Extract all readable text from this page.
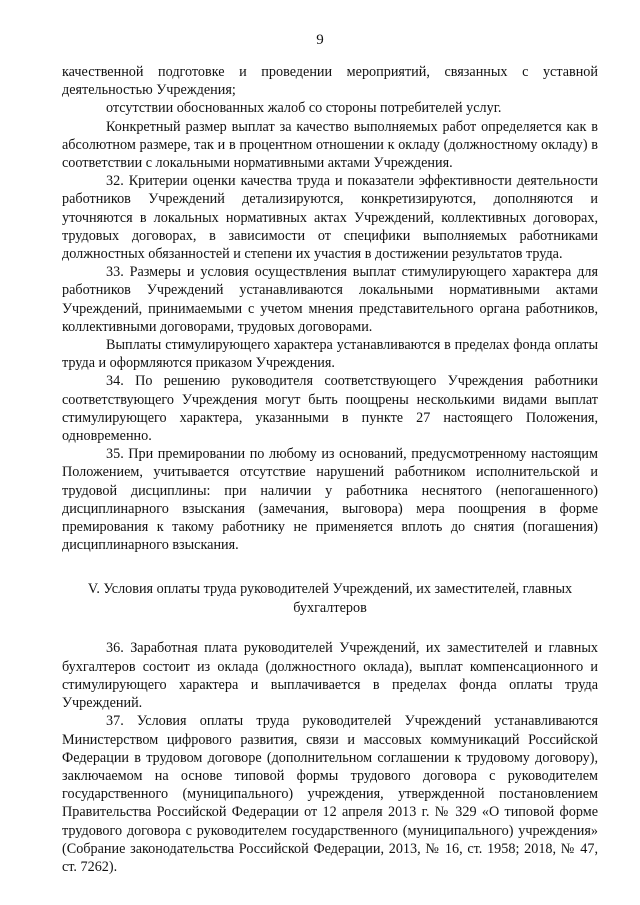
9

качественной подготовке и проведении мероприятий, связанных с уставной деятельностью Учреждения;

отсутствии обоснованных жалоб со стороны потребителей услуг.

Конкретный размер выплат за качество выполняемых работ определяется как в абсолютном размере, так и в процентном отношении к окладу (должностному окладу) в соответствии с локальными нормативными актами Учреждения.

32. Критерии оценки качества труда и показатели эффективности деятельности работников Учреждений детализируются, конкретизируются, дополняются и уточняются в локальных нормативных актах Учреждений, коллективных договорах, трудовых договорах, в зависимости от специфики выполняемых работниками должностных обязанностей и степени их участия в достижении результатов труда.

33. Размеры и условия осуществления выплат стимулирующего характера для работников Учреждений устанавливаются локальными нормативными актами Учреждений, принимаемыми с учетом мнения представительного органа работников, коллективными договорами, трудовых договорами.

Выплаты стимулирующего характера устанавливаются в пределах фонда оплаты труда и оформляются приказом Учреждения.

34. По решению руководителя соответствующего Учреждения работники соответствующего Учреждения могут быть поощрены несколькими видами выплат стимулирующего характера, указанными в пункте 27 настоящего Положения, одновременно.

35. При премировании по любому из оснований, предусмотренному настоящим Положением, учитывается отсутствие нарушений работником исполнительской и трудовой дисциплины: при наличии у работника неснятого (непогашенного) дисциплинарного взыскания (замечания, выговора) мера поощрения в форме премирования к такому работнику не применяется вплоть до снятия (погашения) дисциплинарного взыскания.

V. Условия оплаты труда руководителей Учреждений, их заместителей, главных бухгалтеров

36. Заработная плата руководителей Учреждений, их заместителей и главных бухгалтеров состоит из оклада (должностного оклада), выплат компенсационного и стимулирующего характера и выплачивается в пределах фонда оплаты труда Учреждений.

37. Условия оплаты труда руководителей Учреждений устанавливаются Министерством цифрового развития, связи и массовых коммуникаций Российской Федерации в трудовом договоре (дополнительном соглашении к трудовому договору), заключаемом на основе типовой формы трудового договора с руководителем государственного (муниципального) учреждения, утвержденной постановлением Правительства Российской Федерации от 12 апреля 2013 г. № 329 «О типовой форме трудового договора с руководителем государственного (муниципального) учреждения» (Собрание законодательства Российской Федерации, 2013, № 16, ст. 1958; 2018, № 47, ст. 7262).
